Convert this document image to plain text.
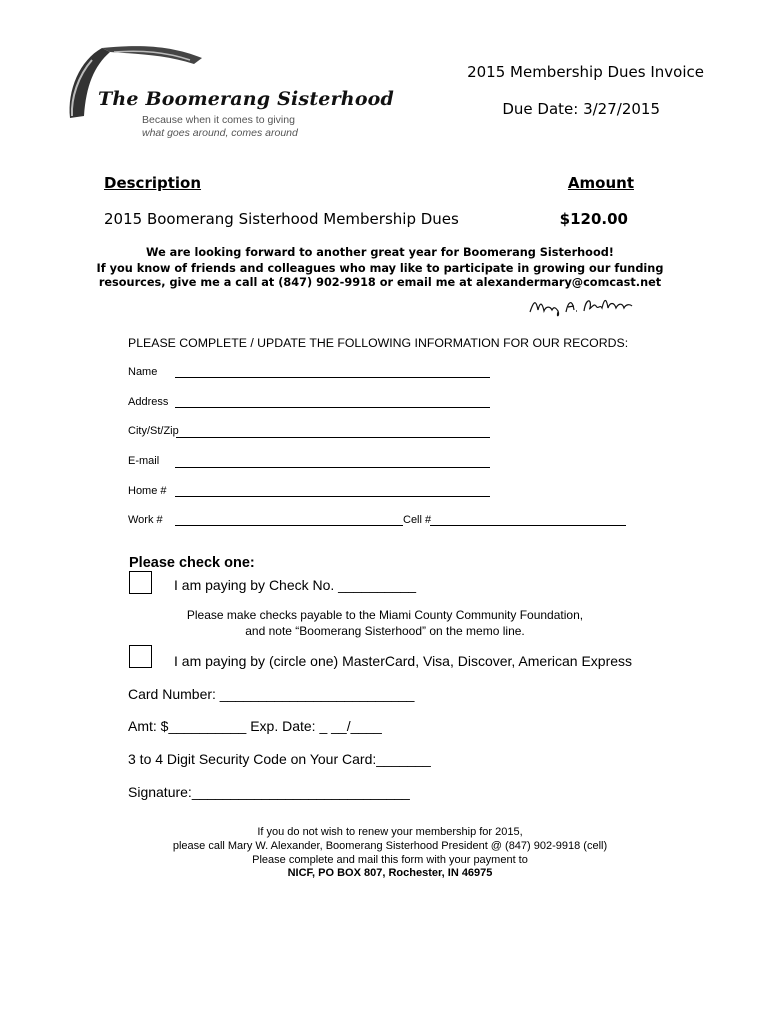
The Boomerang Sisterhood
Because when it comes to giving
what goes around, comes around
2015 Membership Dues Invoice
Due Date: 3/27/2015
Description	Amount
2015 Boomerang Sisterhood Membership Dues	$120.00
We are looking forward to another great year for Boomerang Sisterhood!
If you know of friends and colleagues who may like to participate in growing our funding
resources, give me a call at (847) 902-9918 or email me at alexandermary@comcast.net
PLEASE COMPLETE / UPDATE THE FOLLOWING INFORMATION FOR OUR RECORDS:
Name
Address
City/St/Zip
E-mail
Home #
Work #	Cell #
Please check one:
I am paying by Check No. __________
Please make checks payable to the Miami County Community Foundation,
and note “Boomerang Sisterhood” on the memo line.
I am paying by (circle one) MasterCard, Visa, Discover, American Express
Card Number: _________________________
Amt: $__________ Exp. Date: _ __/____
3 to 4 Digit Security Code on Your Card:_______
Signature:____________________________
If you do not wish to renew your membership for 2015,
please call Mary W. Alexander, Boomerang Sisterhood President @ (847) 902-9918 (cell)
Please complete and mail this form with your payment to
NICF, PO BOX 807, Rochester, IN 46975
